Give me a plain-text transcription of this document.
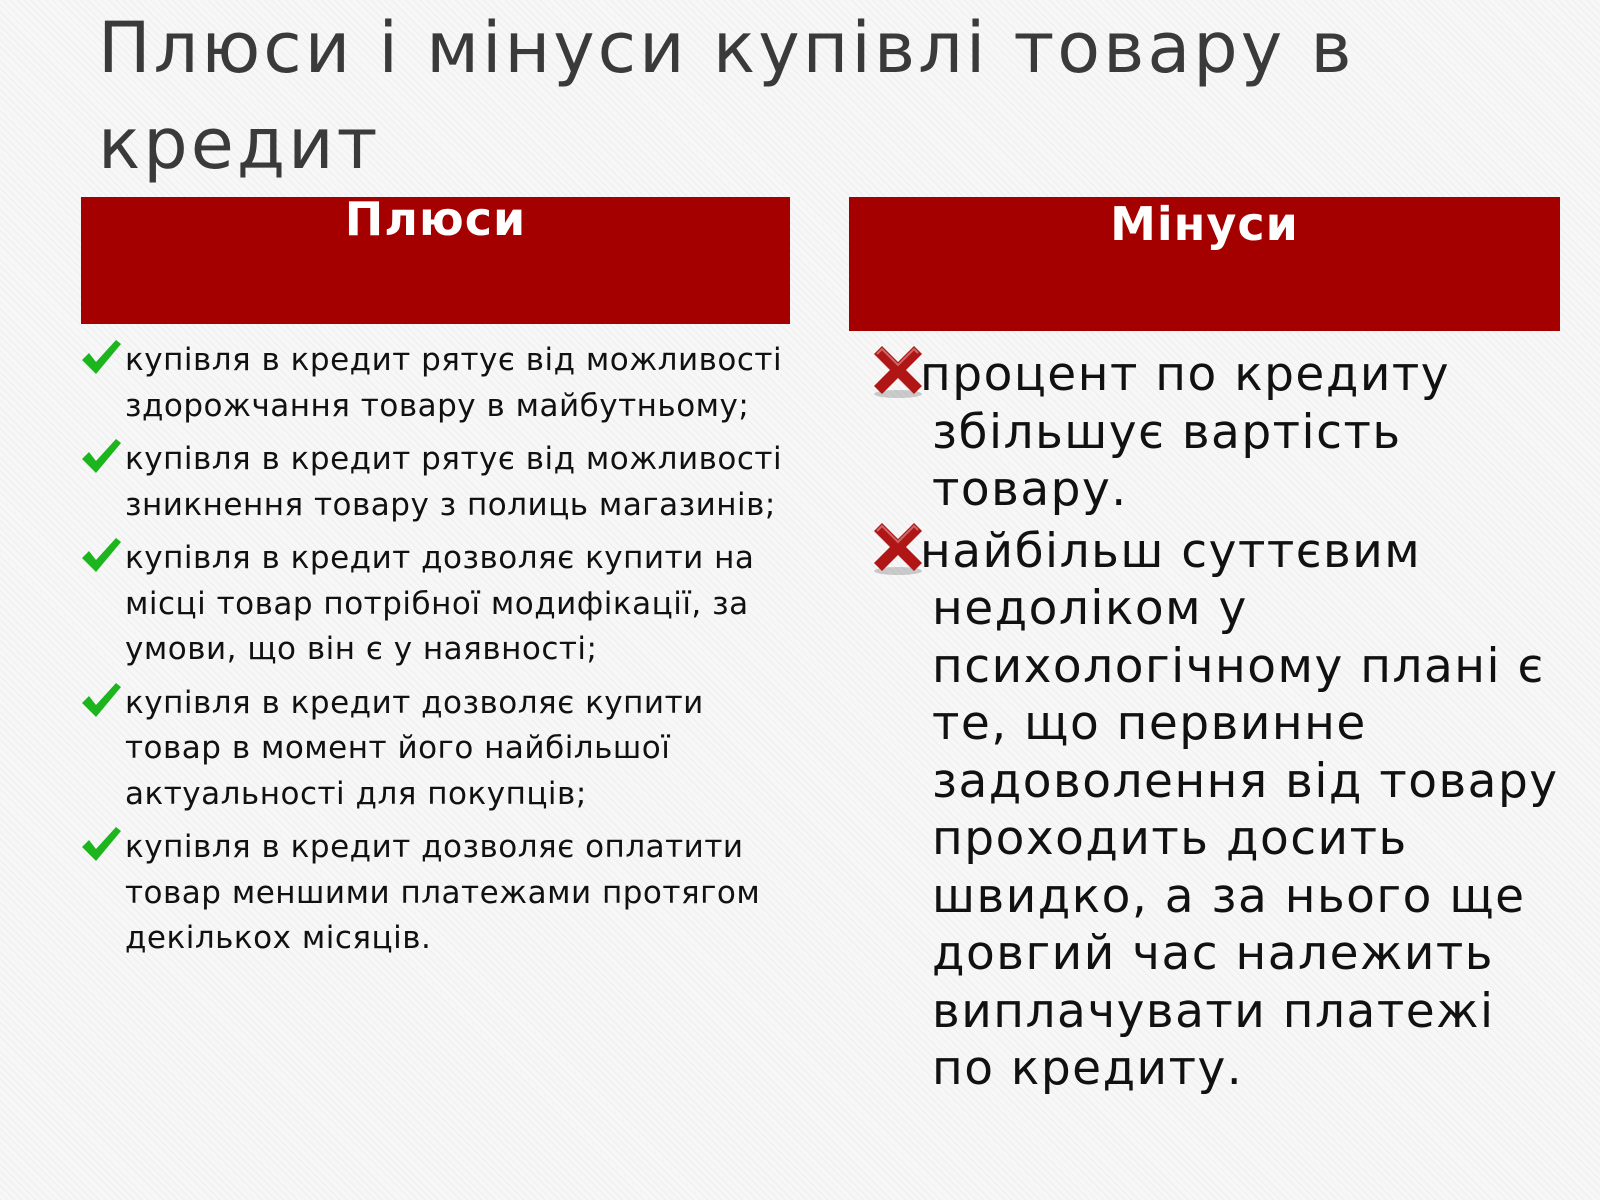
Плюси і мінуси купівлі товару в кредит
Плюси	Мінуси
купівля в кредит рятує від можливості здорожчання товару в майбутньому;
купівля в кредит рятує від можливості зникнення товару з полиць магазинів;
купівля в кредит дозволяє купити на місці товар потрібної модифікації, за умови, що він є у наявності;
купівля в кредит дозволяє купити товар в момент його найбільшої актуальності для покупців;
купівля в кредит дозволяє оплатити товар меншими платежами протягом декількох місяців.
процент по кредиту збільшує вартість товару.
найбільш суттєвим недоліком у психологічному плані є те, що первинне задоволення від товару проходить досить швидко, а за нього ще довгий час належить виплачувати платежі по кредиту.
